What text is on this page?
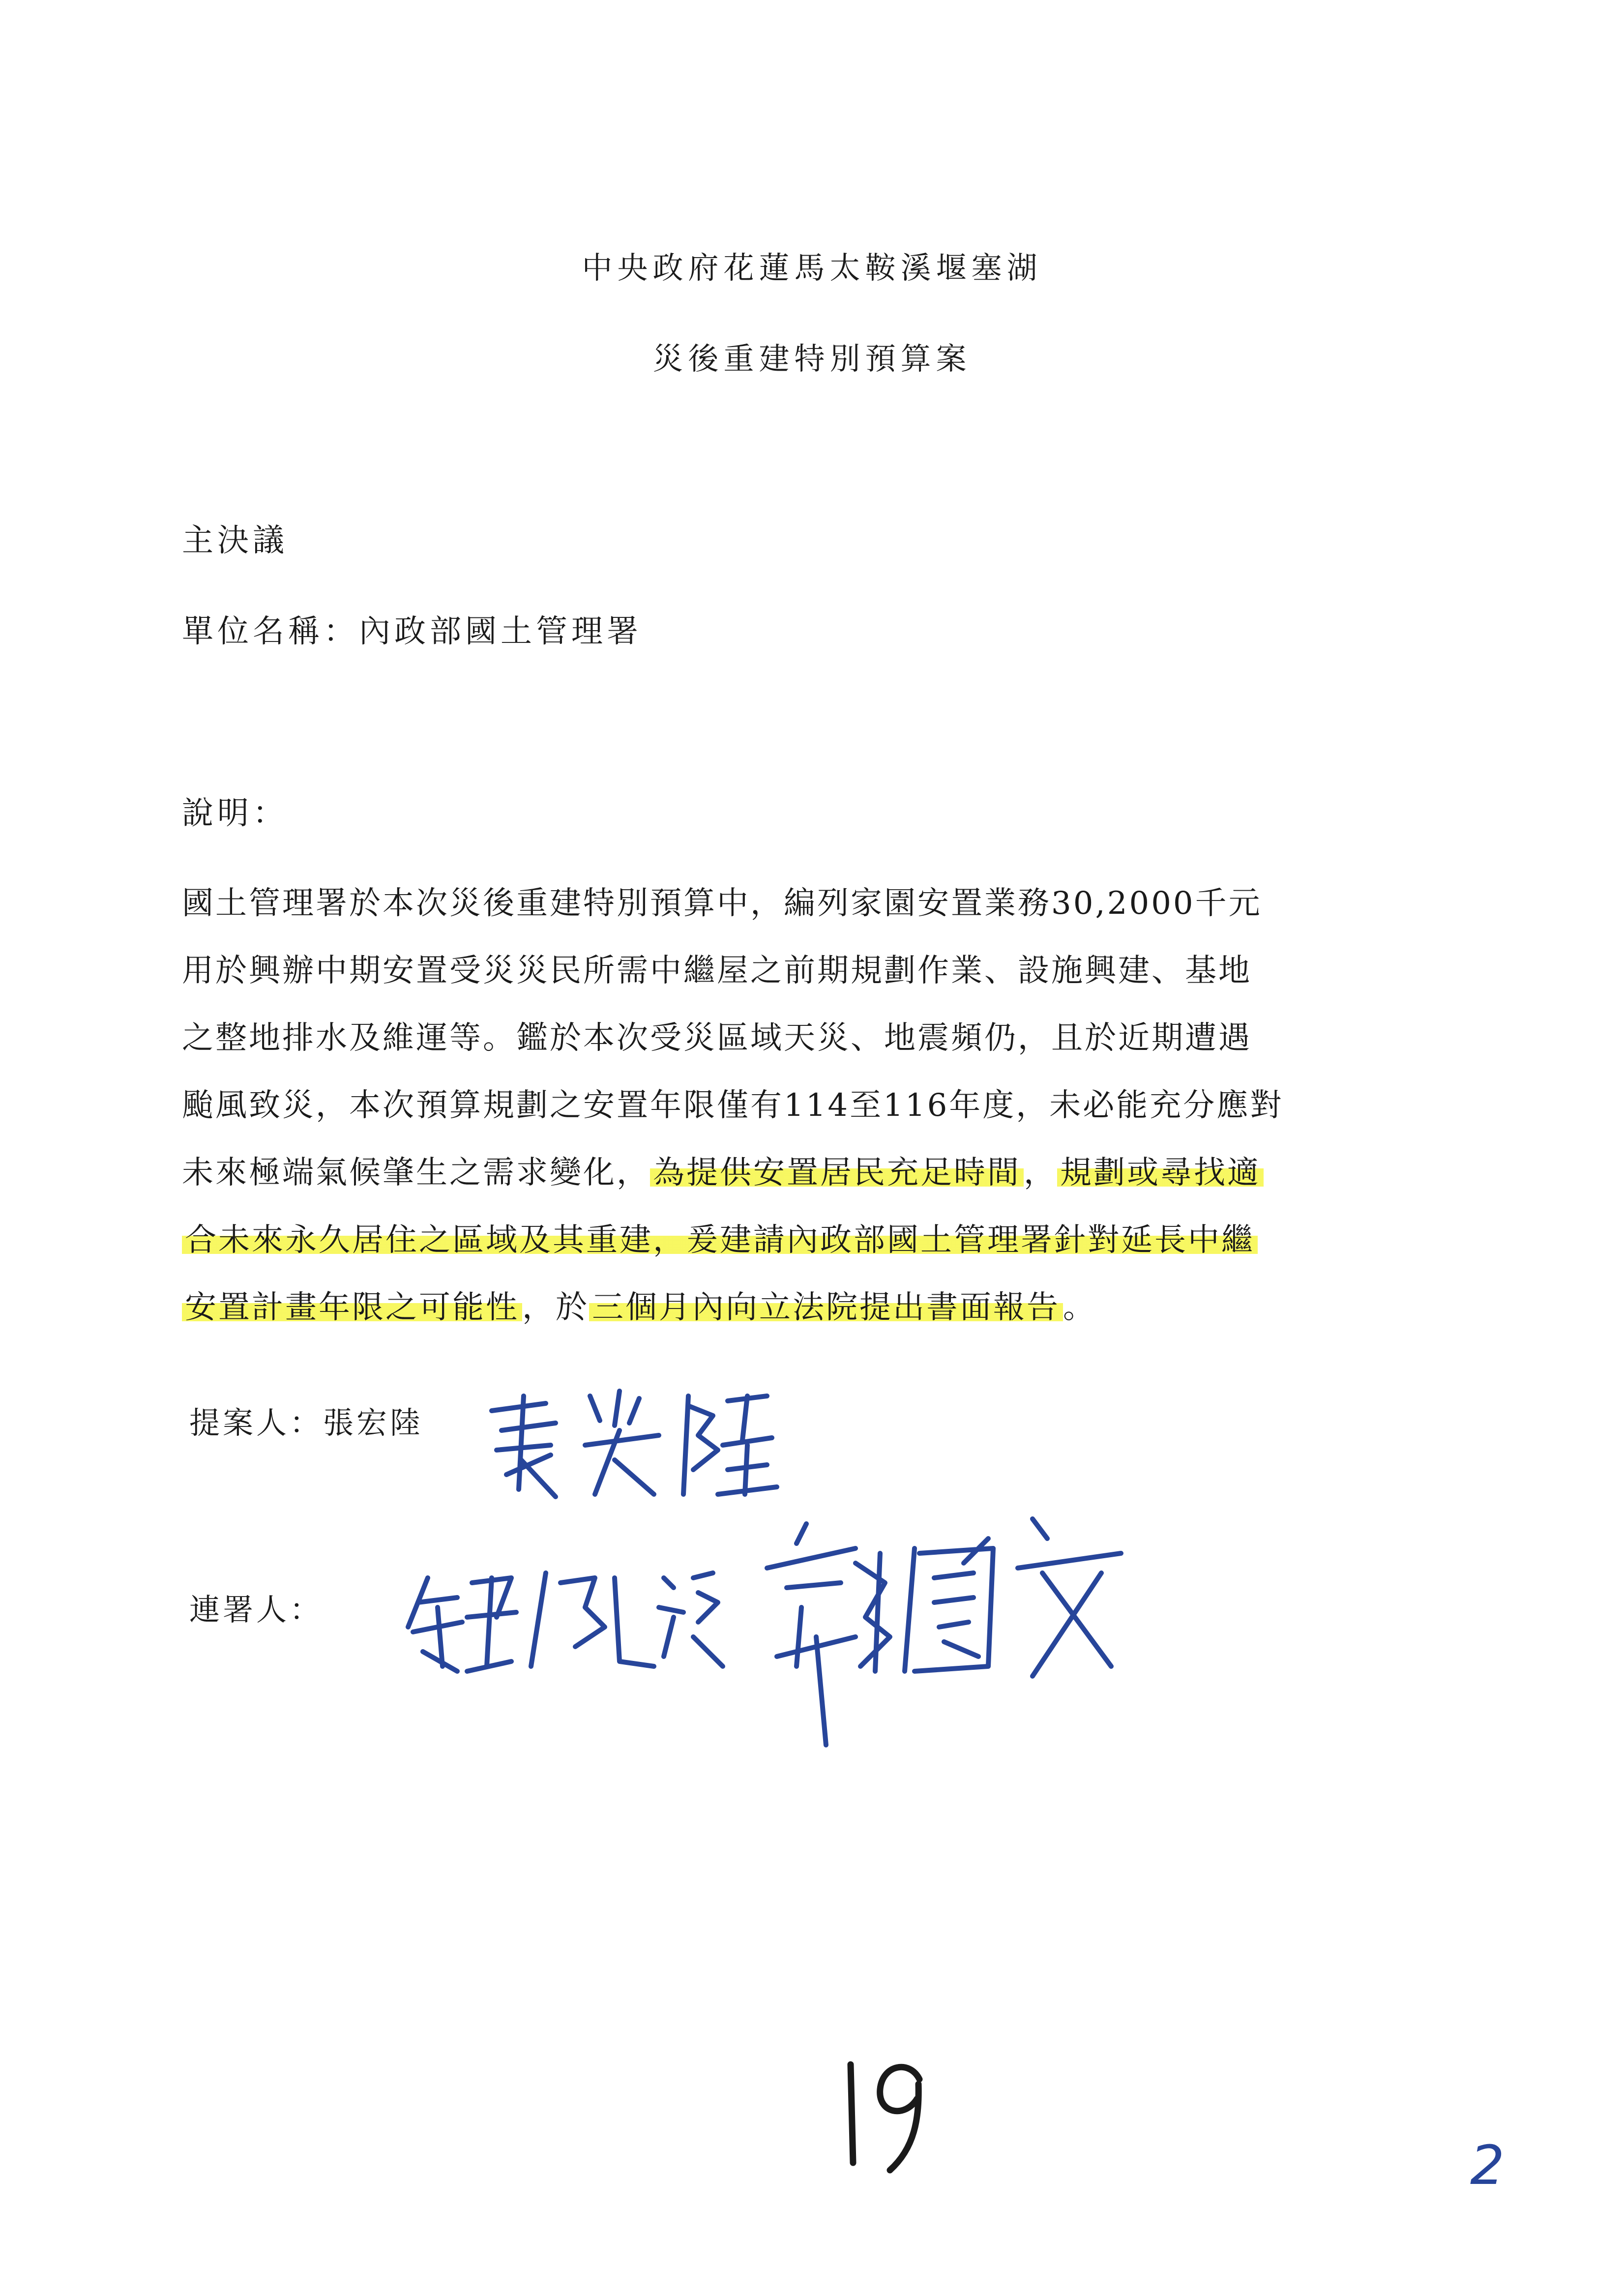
中央政府花蓮馬太鞍溪堰塞湖
災後重建特別預算案
主決議
單位名稱：內政部國土管理署
說明：
國土管理署於本次災後重建特別預算中，編列家園安置業務30,2000千元
用於興辦中期安置受災災民所需中繼屋之前期規劃作業、設施興建、基地
之整地排水及維運等。鑑於本次受災區域天災、地震頻仍，且於近期遭遇
颱風致災，本次預算規劃之安置年限僅有114至116年度，未必能充分應對
未來極端氣候肇生之需求變化，為提供安置居民充足時間，規劃或尋找適
合未來永久居住之區域及其重建，爰建請內政部國土管理署針對延長中繼
安置計畫年限之可能性，於三個月內向立法院提出書面報告。
提案人：張宏陸
連署人：
2
